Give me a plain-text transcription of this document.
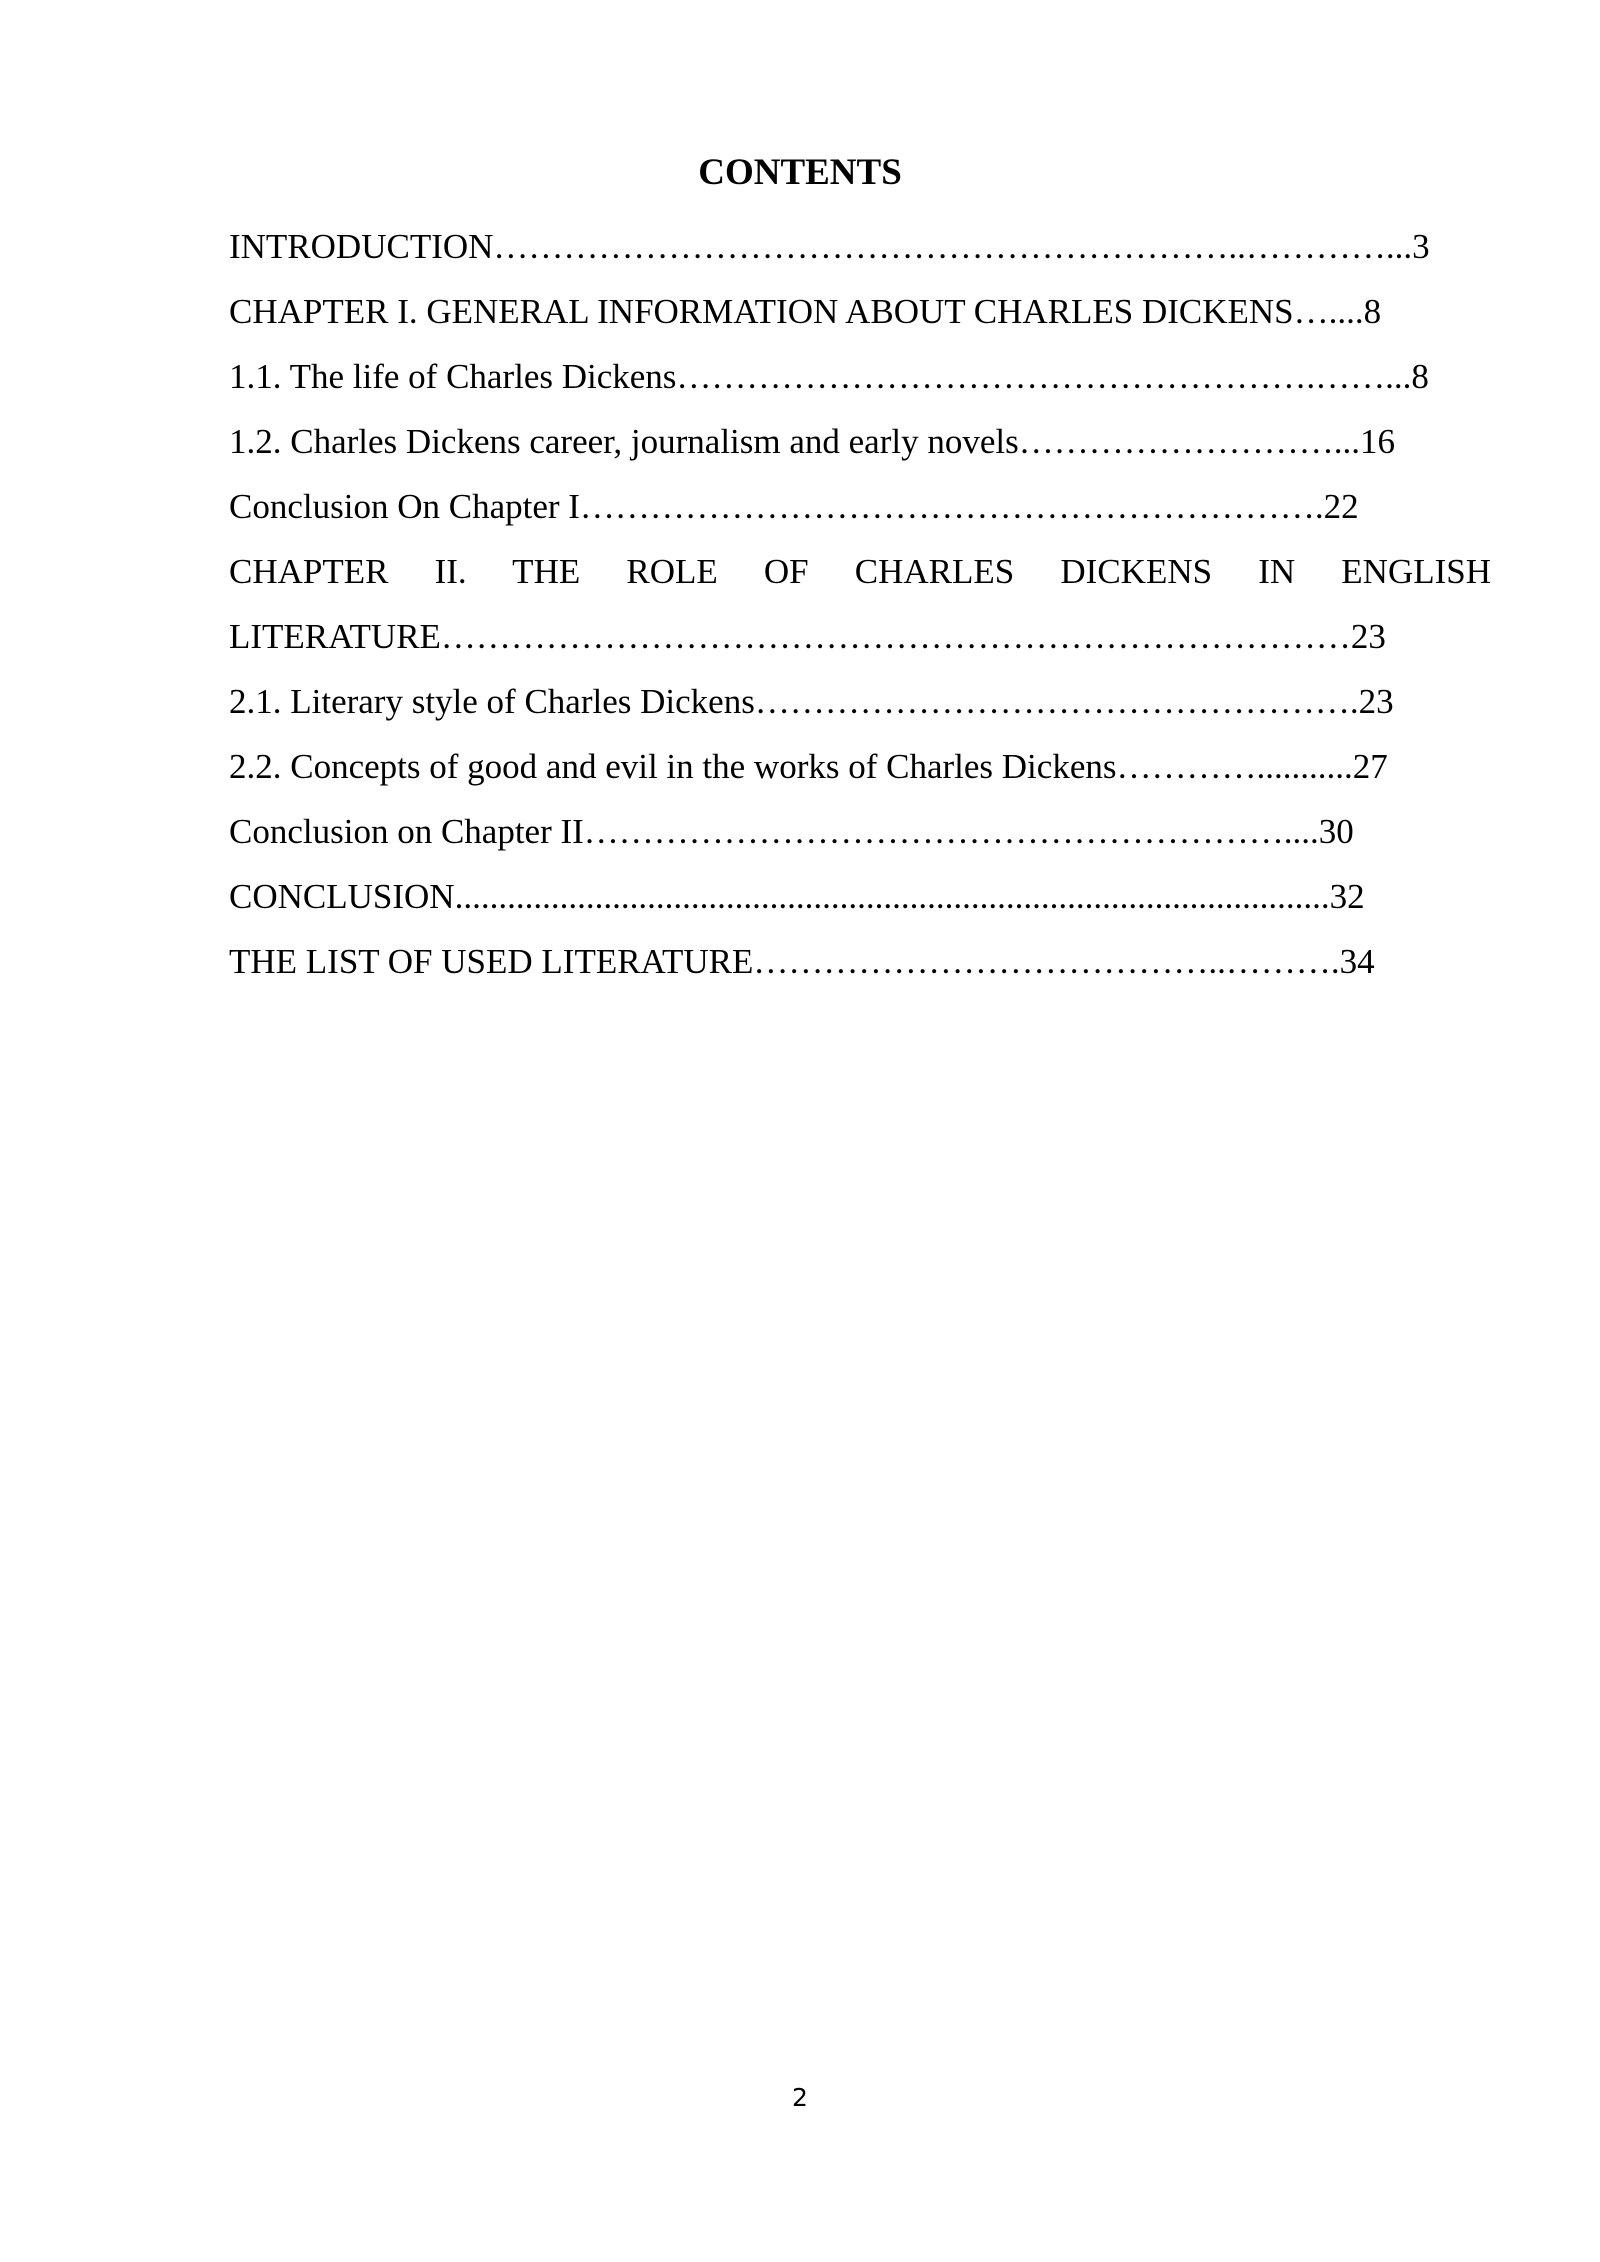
CONTENTS
INTRODUCTION………………………………………………………..…………...3
CHAPTER I. GENERAL INFORMATION ABOUT CHARLES DICKENS…....8
1.1. The life of Charles Dickens……………………………………………….……...8
1.2. Charles Dickens career, journalism and early novels………………………...16
Conclusion On Chapter I……………………………………………………….22
CHAPTER II. THE ROLE OF CHARLES DICKENS IN ENGLISH
LITERATURE……………………………………………………………………23
2.1. Literary style of Charles Dickens…………………………………………….23
2.2. Concepts of good and evil in the works of Charles Dickens…………...........27
Conclusion on Chapter II……………………………………………………....30
CONCLUSION....................................................................................................32
THE LIST OF USED LITERATURE…………………………………..……….34
2
